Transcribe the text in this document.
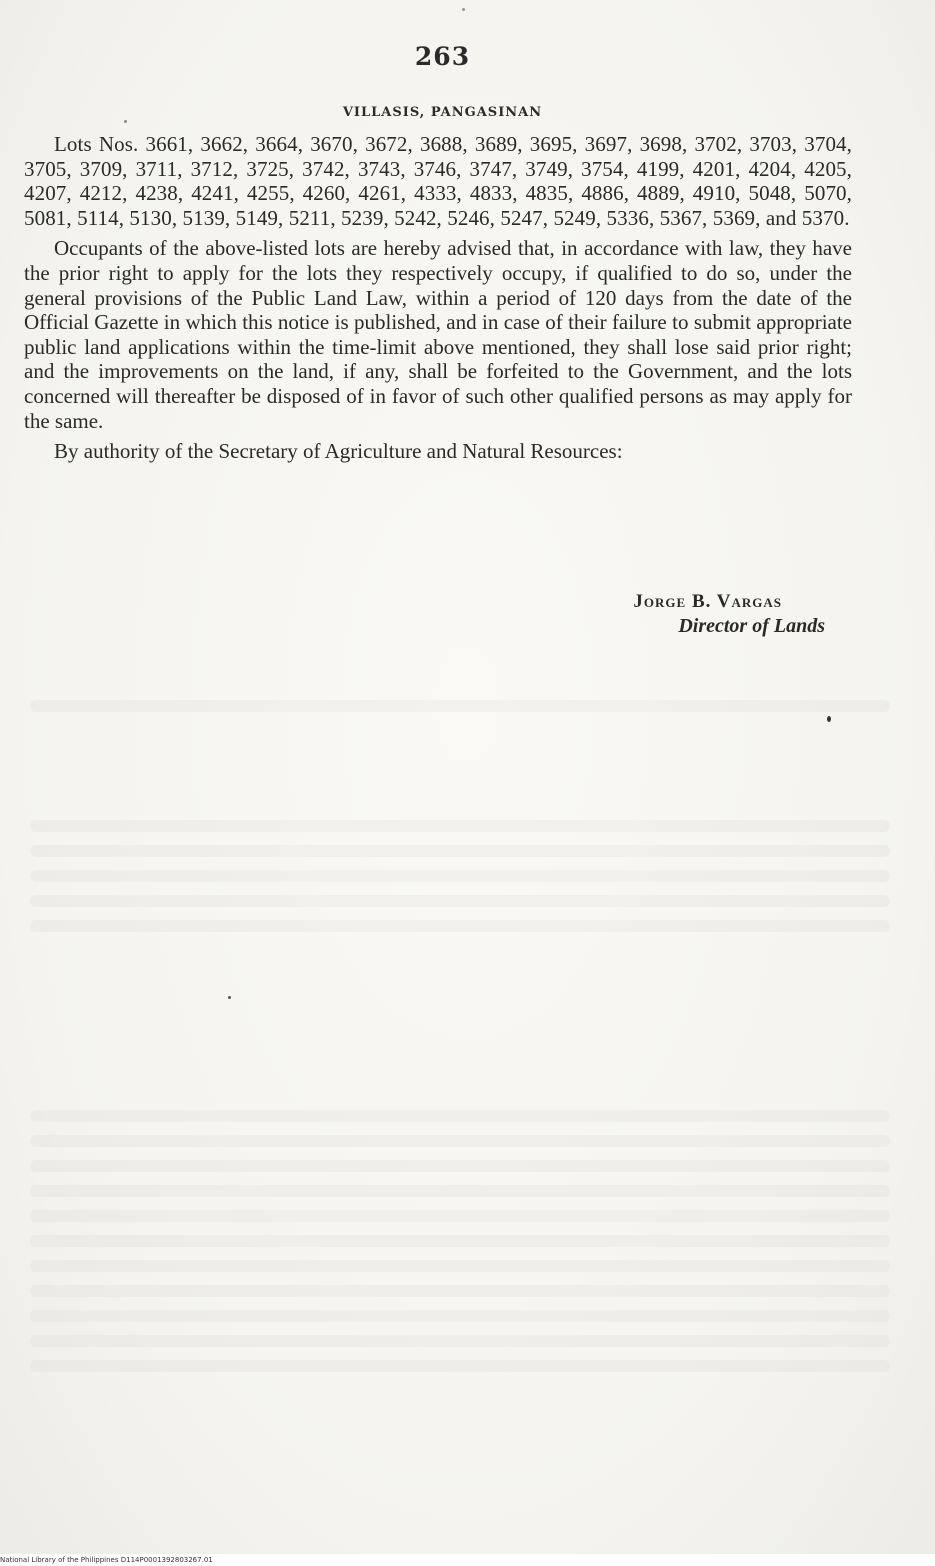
263
VILLASIS, PANGASINAN

Lots Nos. 3661, 3662, 3664, 3670, 3672, 3688, 3689, 3695, 3697, 3698, 3702, 3703, 3704, 3705, 3709, 3711, 3712, 3725, 3742, 3743, 3746, 3747, 3749, 3754, 4199, 4201, 4204, 4205, 4207, 4212, 4238, 4241, 4255, 4260, 4261, 4333, 4833, 4835, 4886, 4889, 4910, 5048, 5070, 5081, 5114, 5130, 5139, 5149, 5211, 5239, 5242, 5246, 5247, 5249, 5336, 5367, 5369, and 5370.

Occupants of the above-listed lots are hereby advised that, in accordance with law, they have the prior right to apply for the lots they respectively occupy, if qualified to do so, under the general provisions of the Public Land Law, within a period of 120 days from the date of the Official Gazette in which this notice is published, and in case of their failure to submit appropriate public land applications within the time-limit above mentioned, they shall lose said prior right; and the improvements on the land, if any, shall be forfeited to the Government, and the lots concerned will thereafter be disposed of in favor of such other qualified persons as may apply for the same.

By authority of the Secretary of Agriculture and Natural Resources:

Jorge B. Vargas
Director of Lands
National Library of the Philippines D114P0001392803267.01
